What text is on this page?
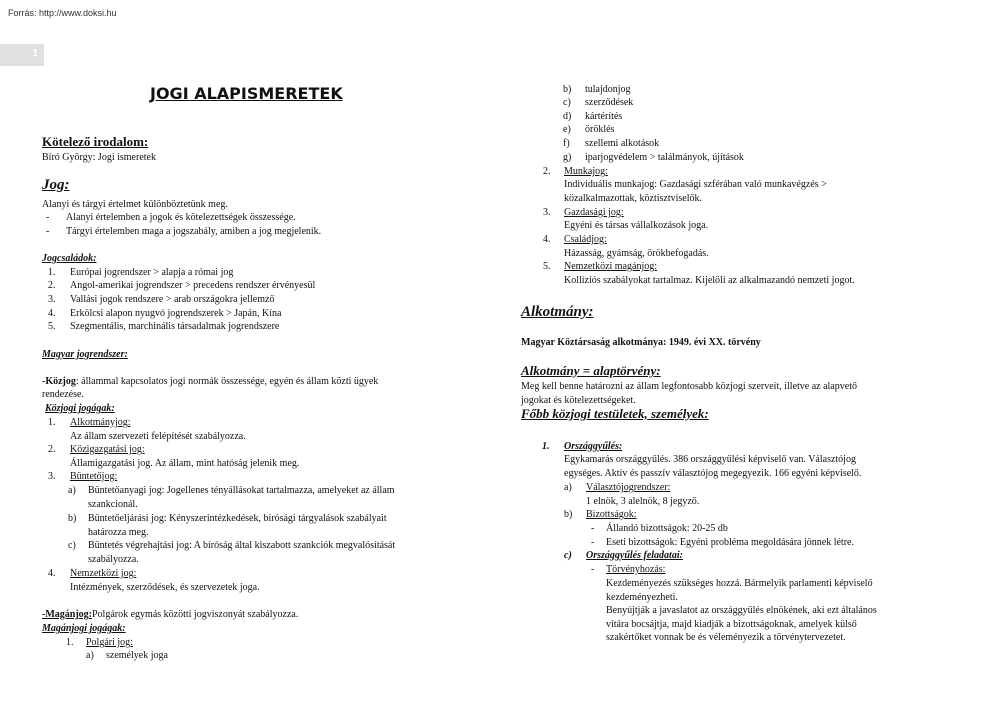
Forrás: http://www.doksi.hu
1
JOGI ALAPISMERETEK
Kötelező irodalom:
Bíró György: Jogi ismeretek
Jog:
Alanyi és tárgyi értelmet különböztetünk meg.
- Alanyi értelemben a jogok és kötelezettségek összessége.
- Tárgyi értelemben maga a jogszabály, amiben a jog megjelenik.
Jogcsaládok:
1. Európai jogrendszer > alapja a római jog
2. Angol-amerikai jogrendszer > precedens rendszer érvényesül
3. Vallási jogok rendszere > arab országokra jellemző
4. Erkölcsi alapon nyugvó jogrendszerek > Japán, Kína
5. Szegmentális, marchinális társadalmak jogrendszere
Magyar jogrendszer:
-Közjog: állammal kapcsolatos jogi normák összessége, egyén és állam közti ügyek
rendezése.
Közjogi jogágak:
1. Alkotmányjog:
Az állam szervezeti felépítését szabályozza.
2. Közigazgatási jog:
Államigazgatási jog. Az állam, mint hatóság jelenik meg.
3. Büntetőjog:
a) Büntetőanyagi jog: Jogellenes tényállásokat tartalmazza, amelyeket az állam
szankcionál.
b) Büntetőeljárási jog: Kényszerintézkedések, bírósági tárgyalások szabályait
határozza meg.
c) Büntetés végrehajtási jog: A bíróság által kiszabott szankciók megvalósítását
szabályozza.
4. Nemzetközi jog:
Intézmények, szerződések, és szervezetek joga.
-Magánjog:Polgárok egymás közötti jogviszonyát szabályozza.
Magánjogi jogágak:
1. Polgári jog:
a) személyek joga
b) tulajdonjog
c) szerződések
d) kártérítés
e) öröklés
f) szellemi alkotások
g) iparjogvédelem > találmányok, újítások
2. Munkajog:
Individuális munkajog: Gazdasági szférában való munkavégzés >
közalkalmazottak, köztisztviselők.
3. Gazdasági jog:
Egyéni és társas vállalkozások joga.
4. Családjog:
Házasság, gyámság, örökbefogadás.
5. Nemzetközi magánjog:
Kollíziós szabályokat tartalmaz. Kijelöli az alkalmazandó nemzeti jogot.
Alkotmány:
Magyar Köztársaság alkotmánya: 1949. évi XX. törvény
Alkotmány = alaptörvény:
Meg kell benne határozni az állam legfontosabb közjogi szerveit, illetve az alapvető
jogokat és kötelezettségeket.
Főbb közjogi testületek, személyek:
1. Országgyűlés:
Egykamarás országgyűlés. 386 országgyűlési képviselő van. Választójog
egységes. Aktív és passzív választójog megegyezik. 166 egyéni képviselő.
a) Választójogrendszer:
1 elnök, 3 alelnök, 8 jegyző.
b) Bizottságok:
- Állandó bizottságok: 20-25 db
- Eseti bizottságok: Egyéni probléma megoldására jönnek létre.
c) Országgyűlés feladatai:
- Törvényhozás:
Kezdeményezés szükséges hozzá. Bármelyik parlamenti képviselő
kezdeményezheti.
Benyújtják a javaslatot az országgyűlés elnökének, aki ezt általános
vitára bocsájtja, majd kiadják a bizottságoknak, amelyek külső
szakértőket vonnak be és véleményezik a törvénytervezetet.
